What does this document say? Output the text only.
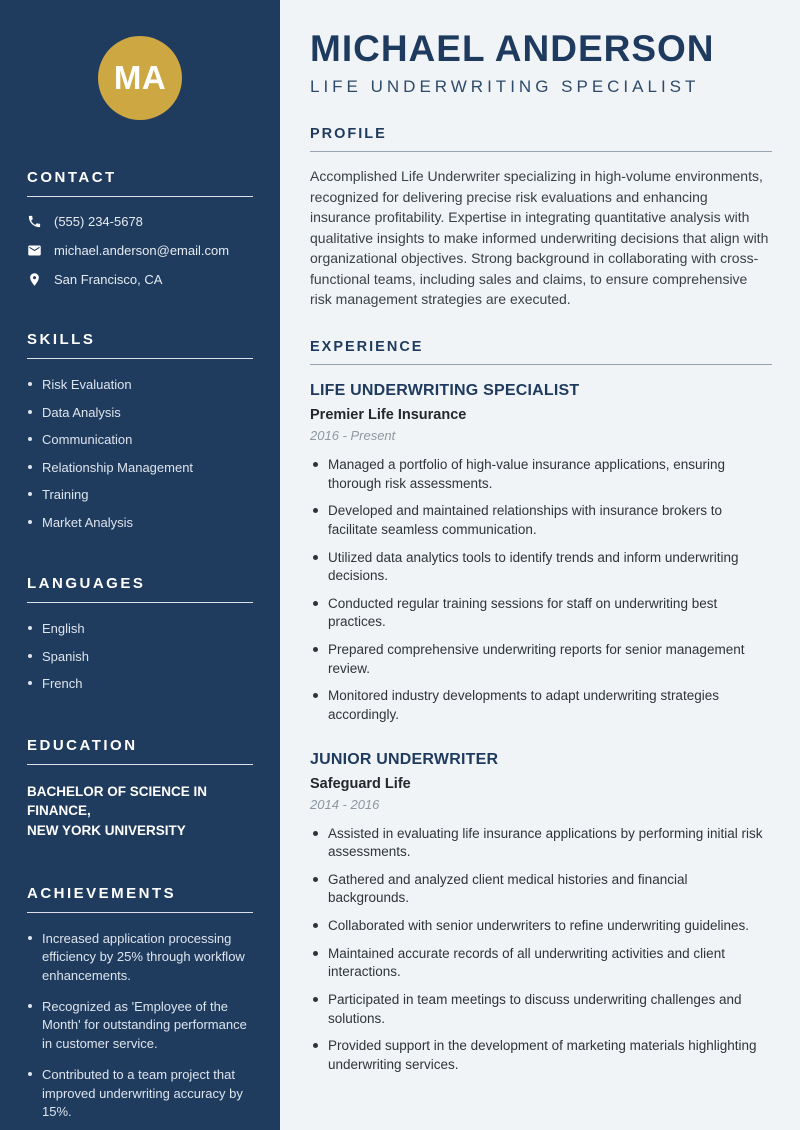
MA
CONTACT
(555) 234-5678
michael.anderson@email.com
San Francisco, CA
SKILLS
Risk Evaluation
Data Analysis
Communication
Relationship Management
Training
Market Analysis
LANGUAGES
English
Spanish
French
EDUCATION
BACHELOR OF SCIENCE IN FINANCE,
NEW YORK UNIVERSITY
ACHIEVEMENTS
Increased application processing efficiency by 25% through workflow enhancements.
Recognized as 'Employee of the Month' for outstanding performance in customer service.
Contributed to a team project that improved underwriting accuracy by 15%.
MICHAEL ANDERSON
LIFE UNDERWRITING SPECIALIST
PROFILE

Accomplished Life Underwriter specializing in high-volume environments, recognized for delivering precise risk evaluations and enhancing insurance profitability. Expertise in integrating quantitative analysis with qualitative insights to make informed underwriting decisions that align with organizational objectives. Strong background in collaborating with cross-functional teams, including sales and claims, to ensure comprehensive risk management strategies are executed.

EXPERIENCE
LIFE UNDERWRITING SPECIALIST
Premier Life Insurance
2016 - Present
Managed a portfolio of high-value insurance applications, ensuring thorough risk assessments.
Developed and maintained relationships with insurance brokers to facilitate seamless communication.
Utilized data analytics tools to identify trends and inform underwriting decisions.
Conducted regular training sessions for staff on underwriting best practices.
Prepared comprehensive underwriting reports for senior management review.
Monitored industry developments to adapt underwriting strategies accordingly.
JUNIOR UNDERWRITER
Safeguard Life
2014 - 2016
Assisted in evaluating life insurance applications by performing initial risk assessments.
Gathered and analyzed client medical histories and financial backgrounds.
Collaborated with senior underwriters to refine underwriting guidelines.
Maintained accurate records of all underwriting activities and client interactions.
Participated in team meetings to discuss underwriting challenges and solutions.
Provided support in the development of marketing materials highlighting underwriting services.
